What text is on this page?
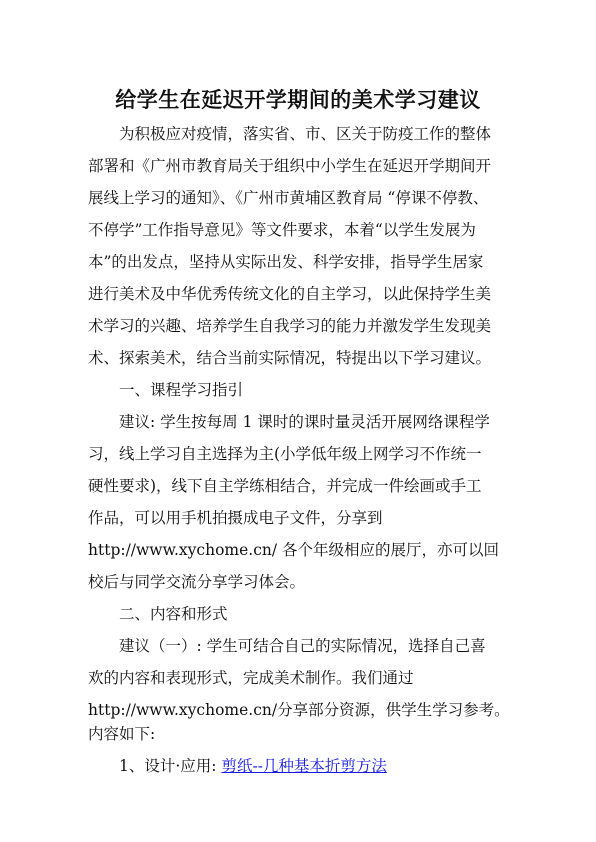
给学生在延迟开学期间的美术学习建议
为积极应对疫情，落实省、市、区关于防疫工作的整体
部署和《广州市教育局关于组织中小学生在延迟开学期间开
展线上学习的通知》、《广州市黄埔区教育局 “停课不停教、
不停学”工作指导意见》等文件要求，本着“以学生发展为
本”的出发点，坚持从实际出发、科学安排，指导学生居家
进行美术及中华优秀传统文化的自主学习，以此保持学生美
术学习的兴趣、培养学生自我学习的能力并激发学生发现美
术、探索美术，结合当前实际情况，特提出以下学习建议。
一、课程学习指引
建议: 学生按每周 1 课时的课时量灵活开展网络课程学
习，线上学习自主选择为主(小学低年级上网学习不作统一
硬性要求)，线下自主学练相结合，并完成一件绘画或手工
作品，可以用手机拍摄成电子文件，分享到
http://www.xychome.cn/ 各个年级相应的展厅，亦可以回
校后与同学交流分享学习体会。
二、内容和形式
建议（一）: 学生可结合自己的实际情况，选择自己喜
欢的内容和表现形式，完成美术制作。我们通过
http://www.xychome.cn/分享部分资源，供学生学习参考。
内容如下:
1、设计·应用: 剪纸--几种基本折剪方法
